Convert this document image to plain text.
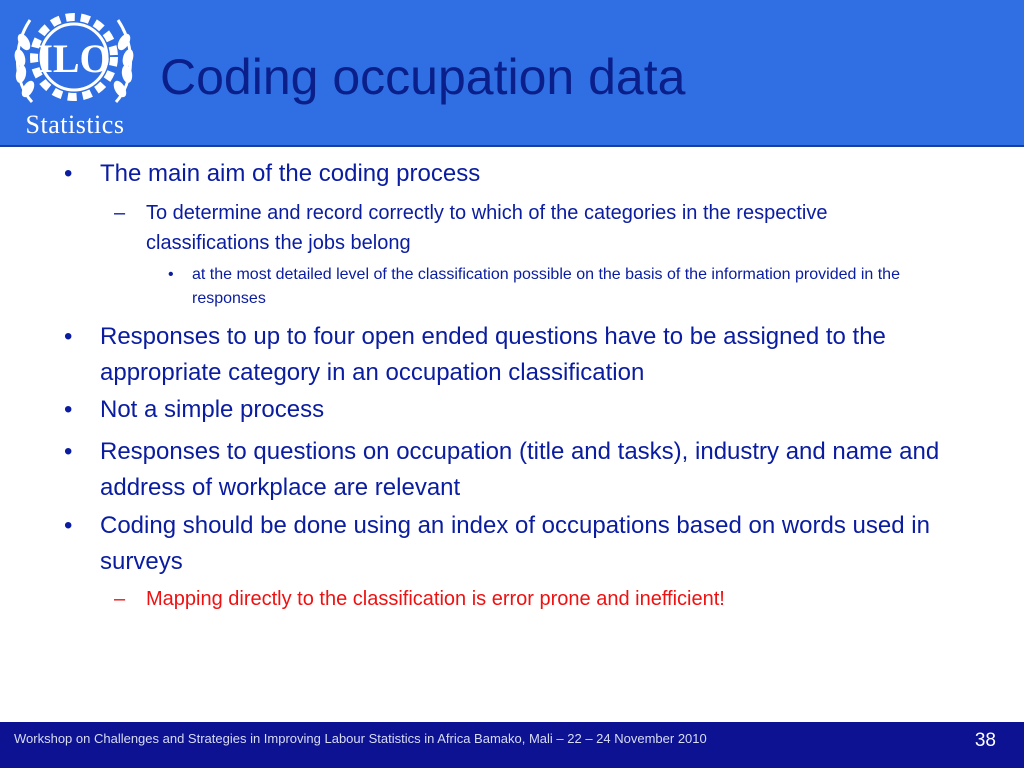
ILO
Statistics
Coding occupation data
• The main aim of the coding process
– To determine and record correctly to which of the categories in the respective classifications the jobs belong
• at the most detailed level of the classification possible on the basis of the information provided in the responses
• Responses to up to four open ended questions have to be assigned to the appropriate category in an occupation classification
• Not a simple process
• Responses to questions on occupation (title and tasks), industry and name and address of workplace are relevant
• Coding should be done using an index of occupations based on words used in surveys
– Mapping directly to the classification is error prone and inefficient!
Workshop on Challenges and Strategies in Improving Labour Statistics in Africa Bamako, Mali – 22 – 24 November 2010	38
